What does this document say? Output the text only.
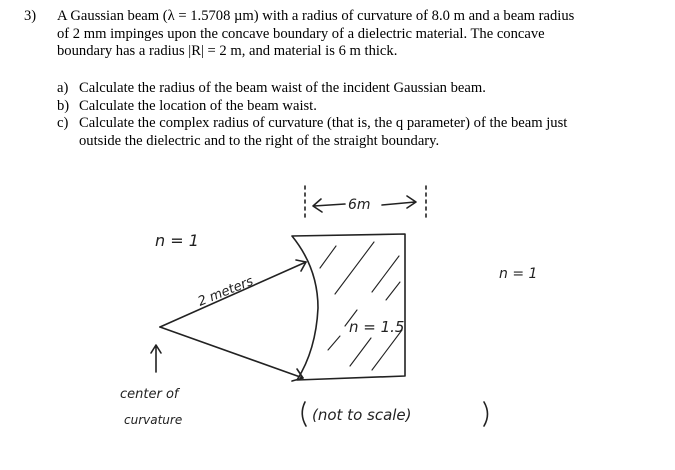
3) A Gaussian beam (λ = 1.5708 µm) with a radius of curvature of 8.0 m and a beam radius
of 2 mm impinges upon the concave boundary of a dielectric material. The concave
boundary has a radius |R| = 2 m, and material is 6 m thick.
a) Calculate the radius of the beam waist of the incident Gaussian beam.
b) Calculate the location of the beam waist.
c) Calculate the complex radius of curvature (that is, the q parameter) of the beam just
outside the dielectric and to the right of the straight boundary.
6m
n = 1
n = 1
n = 1.5
2 meters
center of
curvature	(not to scale)
